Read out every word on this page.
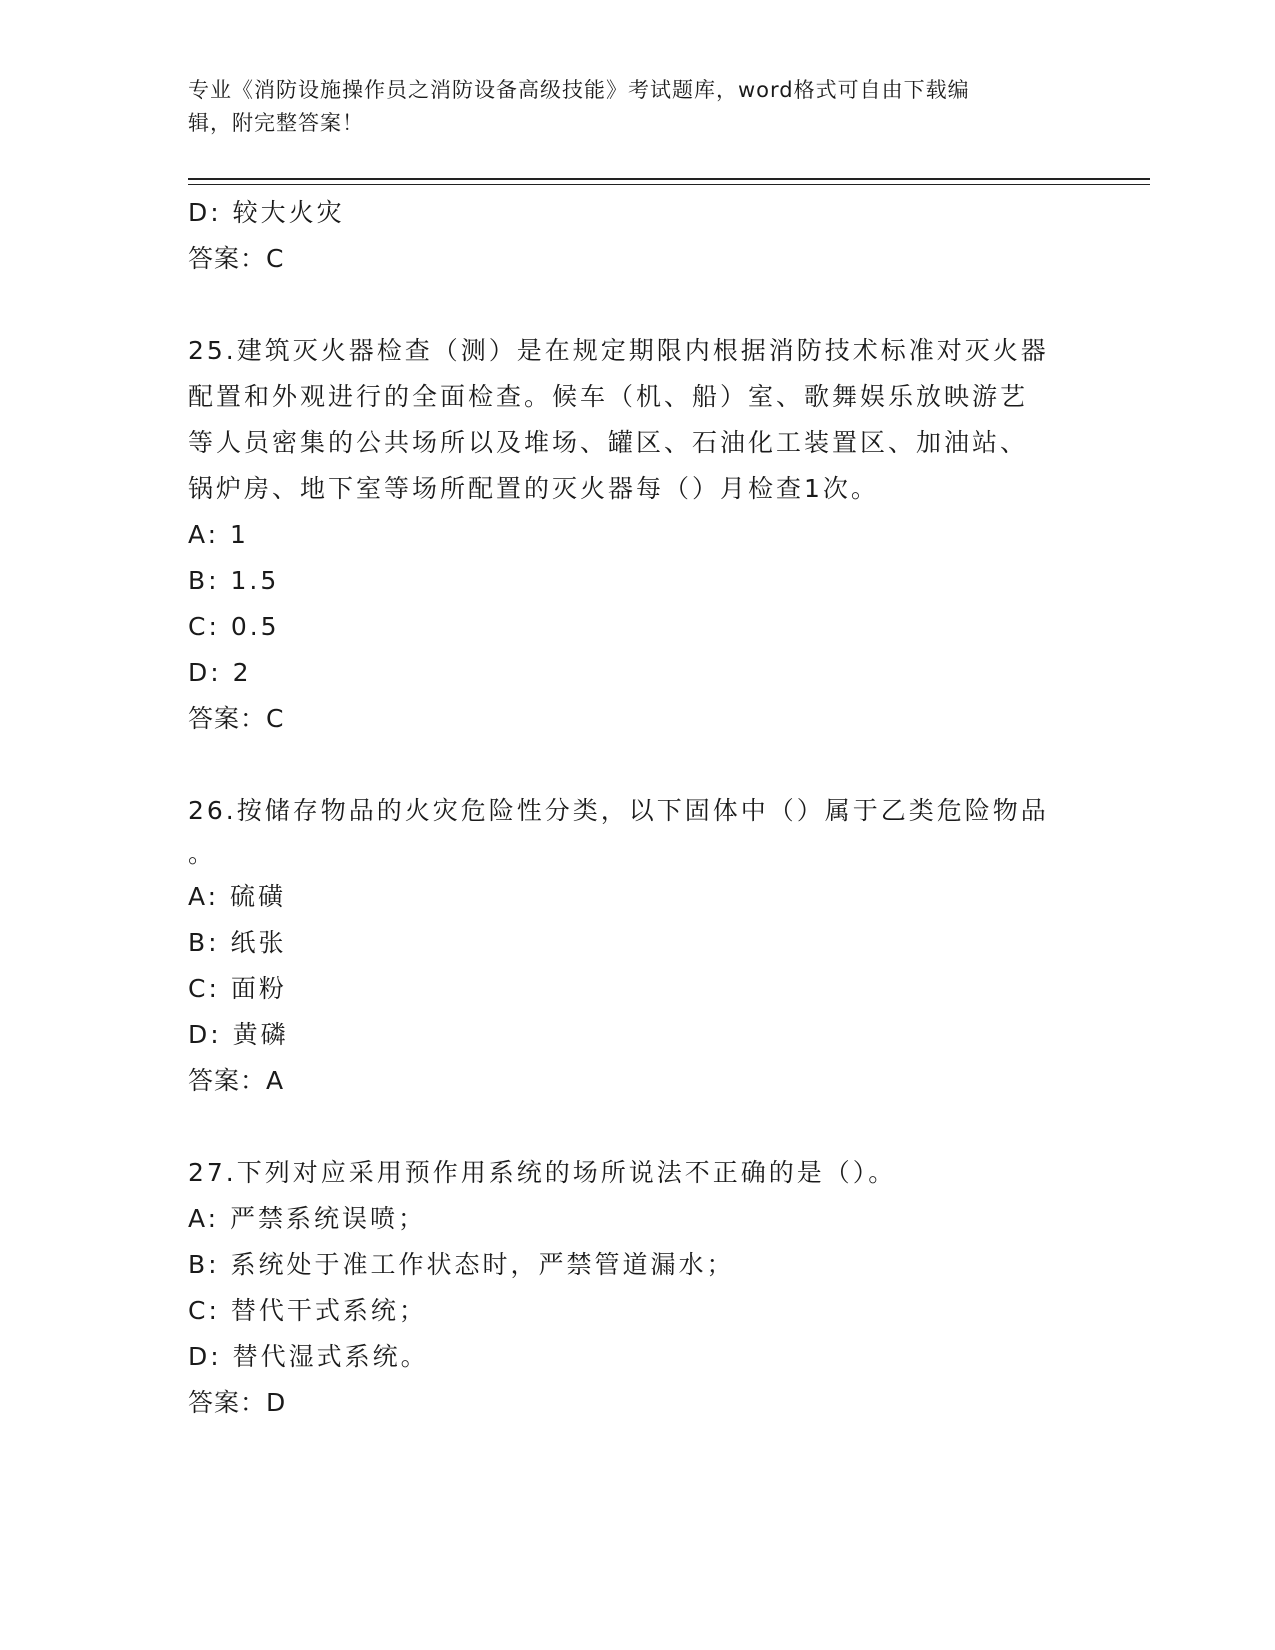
专业《消防设施操作员之消防设备高级技能》考试题库，word格式可自由下载编
辑，附完整答案！
D: 较大火灾
答案：C
25.建筑灭火器检查（测）是在规定期限内根据消防技术标准对灭火器
配置和外观进行的全面检查。候车（机、船）室、歌舞娱乐放映游艺
等人员密集的公共场所以及堆场、罐区、石油化工装置区、加油站、
锅炉房、地下室等场所配置的灭火器每（）月检查1次。
A: 1
B: 1.5
C: 0.5
D: 2
答案：C
26.按储存物品的火灾危险性分类，以下固体中（）属于乙类危险物品
。
A: 硫磺
B: 纸张
C: 面粉
D: 黄磷
答案：A
27.下列对应采用预作用系统的场所说法不正确的是（）。
A: 严禁系统误喷；
B: 系统处于准工作状态时，严禁管道漏水；
C: 替代干式系统；
D: 替代湿式系统。
答案：D
